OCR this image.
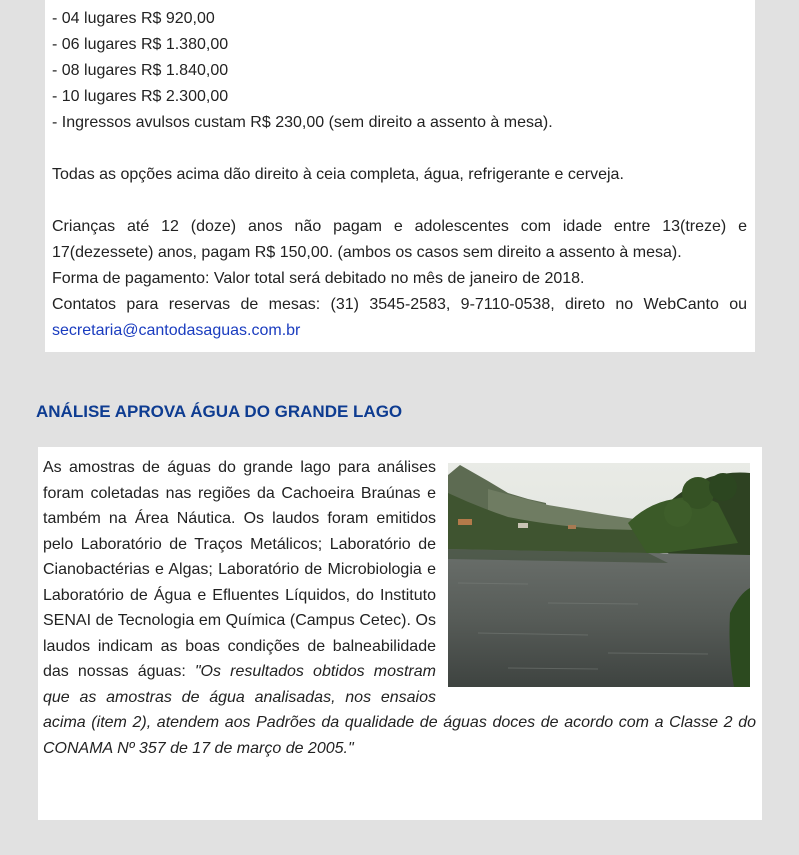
- 04 lugares R$ 920,00

- 06 lugares R$ 1.380,00

- 08 lugares R$ 1.840,00

- 10 lugares R$ 2.300,00

- Ingressos avulsos custam R$ 230,00 (sem direito a assento à mesa).

Todas as opções acima dão direito à ceia completa, água, refrigerante e cerveja.

Crianças até 12 (doze) anos não pagam e adolescentes com idade entre 13(treze) e 17(dezessete) anos, pagam R$ 150,00. (ambos os casos sem direito a assento à mesa).

Forma de pagamento: Valor total será debitado no mês de janeiro de 2018.

Contatos para reservas de mesas: (31) 3545-2583, 9-7110-0538, direto no WebCanto ou secretaria@cantodasaguas.com.br

ANÁLISE APROVA ÁGUA DO GRANDE LAGO

As amostras de águas do grande lago para análises foram coletadas nas regiões da Cachoeira Braúnas e também na Área Náutica. Os laudos foram emitidos pelo Laboratório de Traços Metálicos; Laboratório de Cianobactérias e Algas; Laboratório de Microbiologia e Laboratório de Água e Efluentes Líquidos, do Instituto SENAI de Tecnologia em Química (Campus Cetec). Os laudos indicam as boas condições de balneabilidade das nossas águas: "Os resultados obtidos mostram que as amostras de água analisadas, nos ensaios acima (item 2), atendem aos Padrões da qualidade de águas doces de acordo com a Classe 2 do CONAMA Nº 357 de 17 de março de 2005."
